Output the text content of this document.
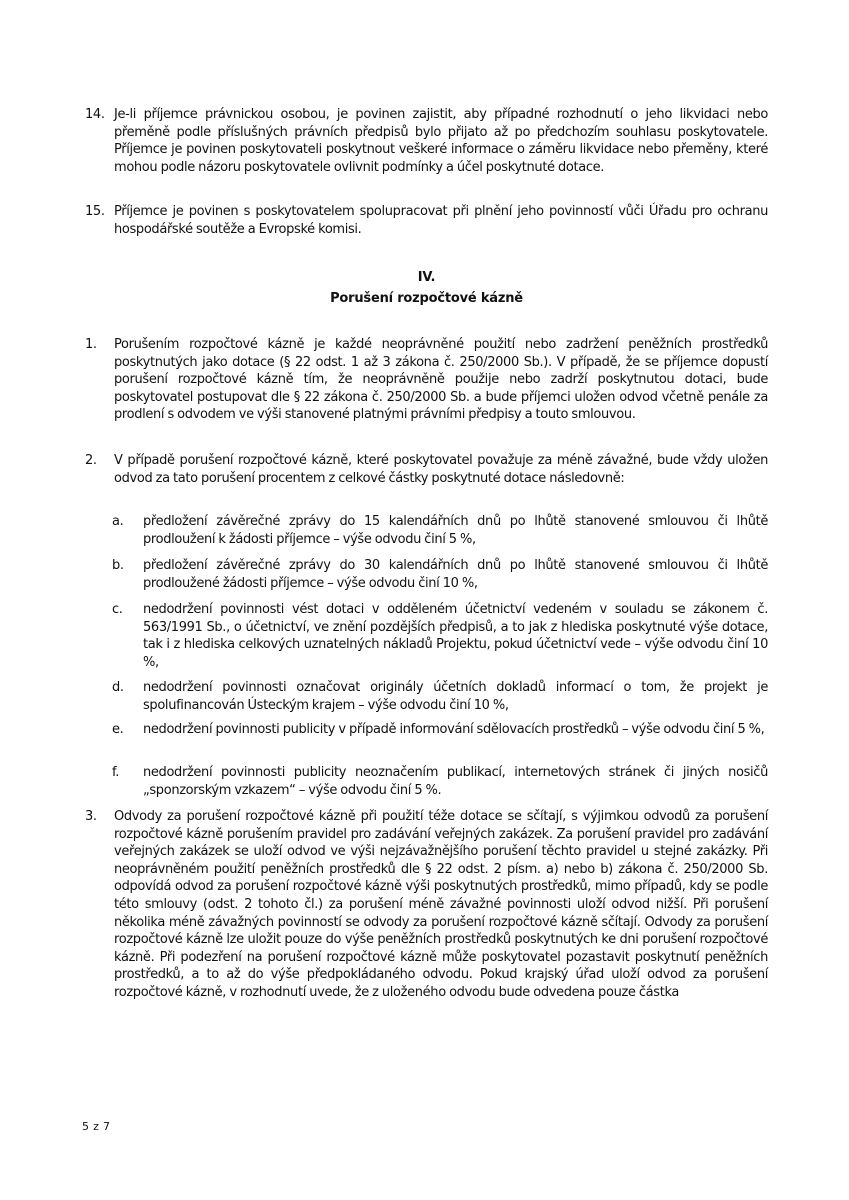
14. Je-li příjemce právnickou osobou, je povinen zajistit, aby případné rozhodnutí o jeho likvidaci nebo přeměně podle příslušných právních předpisů bylo přijato až po předchozím souhlasu poskytovatele. Příjemce je povinen poskytovateli poskytnout veškeré informace o záměru likvidace nebo přeměny, které mohou podle názoru poskytovatele ovlivnit podmínky a účel poskytnuté dotace.
15. Příjemce je povinen s poskytovatelem spolupracovat při plnění jeho povinností vůči Úřadu pro ochranu hospodářské soutěže a Evropské komisi.
IV.
Porušení rozpočtové kázně
1. Porušením rozpočtové kázně je každé neoprávněné použití nebo zadržení peněžních prostředků poskytnutých jako dotace (§ 22 odst. 1 až 3 zákona č. 250/2000 Sb.). V případě, že se příjemce dopustí porušení rozpočtové kázně tím, že neoprávněně použije nebo zadrží poskytnutou dotaci, bude poskytovatel postupovat dle § 22 zákona č. 250/2000 Sb. a bude příjemci uložen odvod včetně penále za prodlení s odvodem ve výši stanovené platnými právními předpisy a touto smlouvou.
2. V případě porušení rozpočtové kázně, které poskytovatel považuje za méně závažné, bude vždy uložen odvod za tato porušení procentem z celkové částky poskytnuté dotace následovně:
a. předložení závěrečné zprávy do 15 kalendářních dnů po lhůtě stanovené smlouvou či lhůtě prodloužení k žádosti příjemce – výše odvodu činí 5 %,
b. předložení závěrečné zprávy do 30 kalendářních dnů po lhůtě stanovené smlouvou či lhůtě prodloužené žádosti příjemce – výše odvodu činí 10 %,
c. nedodržení povinnosti vést dotaci v odděleném účetnictví vedeném v souladu se zákonem č. 563/1991 Sb., o účetnictví, ve znění pozdějších předpisů, a to jak z hlediska poskytnuté výše dotace, tak i z hlediska celkových uznatelných nákladů Projektu, pokud účetnictví vede – výše odvodu činí 10 %,
d. nedodržení povinnosti označovat originály účetních dokladů informací o tom, že projekt je spolufinancován Ústeckým krajem – výše odvodu činí 10 %,
e. nedodržení povinnosti publicity v případě informování sdělovacích prostředků – výše odvodu činí 5 %,
f. nedodržení povinnosti publicity neoznačením publikací, internetových stránek či jiných nosičů „sponzorským vzkazem“ – výše odvodu činí 5 %.
3. Odvody za porušení rozpočtové kázně při použití téže dotace se sčítají, s výjimkou odvodů za porušení rozpočtové kázně porušením pravidel pro zadávání veřejných zakázek. Za porušení pravidel pro zadávání veřejných zakázek se uloží odvod ve výši nejzávažnějšího porušení těchto pravidel u stejné zakázky. Při neoprávněném použití peněžních prostředků dle § 22 odst. 2 písm. a) nebo b) zákona č. 250/2000 Sb. odpovídá odvod za porušení rozpočtové kázně výši poskytnutých prostředků, mimo případů, kdy se podle této smlouvy (odst. 2 tohoto čl.) za porušení méně závažné povinnosti uloží odvod nižší. Při porušení několika méně závažných povinností se odvody za porušení rozpočtové kázně sčítají. Odvody za porušení rozpočtové kázně lze uložit pouze do výše peněžních prostředků poskytnutých ke dni porušení rozpočtové kázně. Při podezření na porušení rozpočtové kázně může poskytovatel pozastavit poskytnutí peněžních prostředků, a to až do výše předpokládaného odvodu. Pokud krajský úřad uloží odvod za porušení rozpočtové kázně, v rozhodnutí uvede, že z uloženého odvodu bude odvedena pouze částka
5 z 7
